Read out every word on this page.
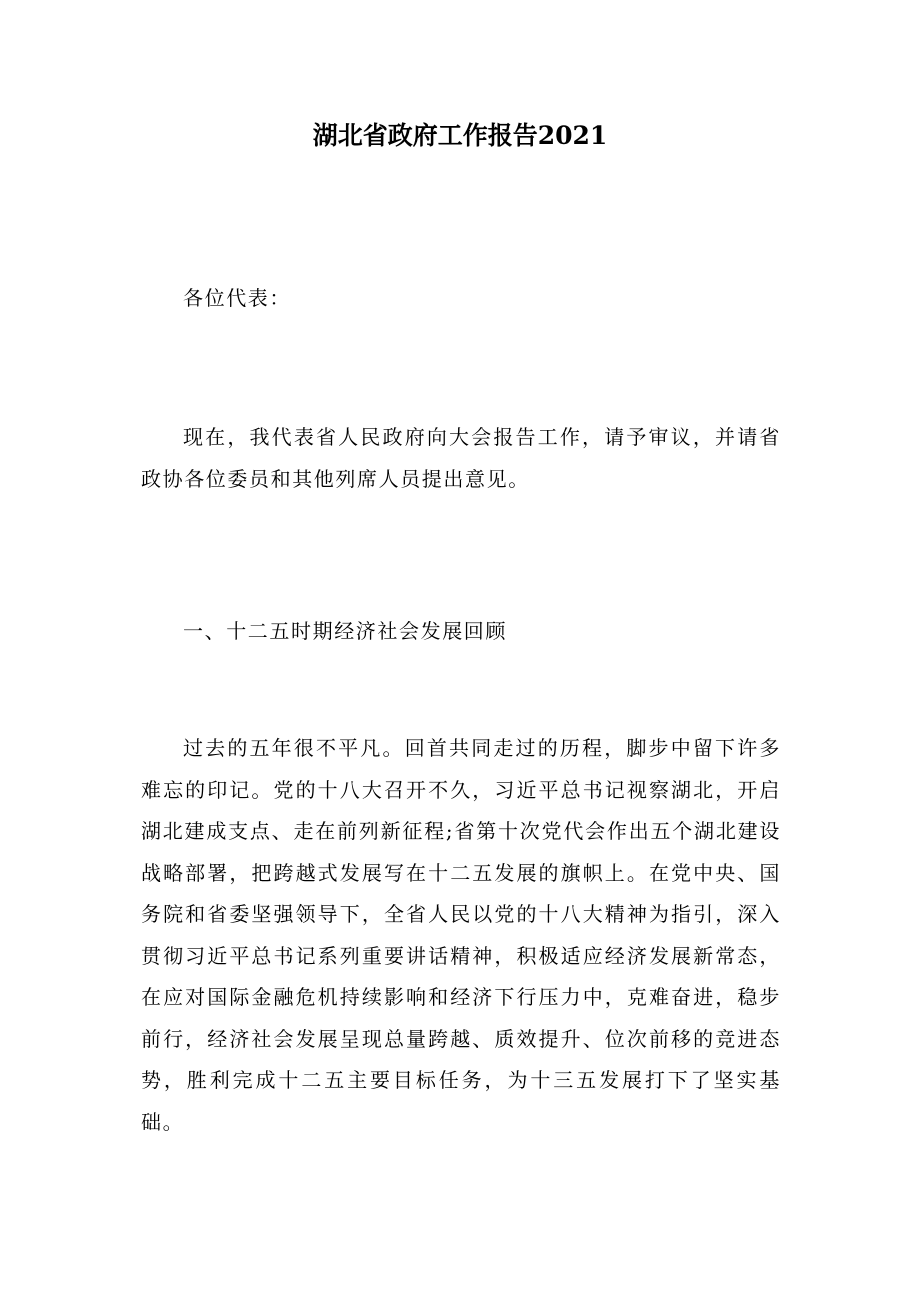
湖北省政府工作报告2021

各位代表：

现在，我代表省人民政府向大会报告工作，请予审议，并请省政协各位委员和其他列席人员提出意见。

一、十二五时期经济社会发展回顾

过去的五年很不平凡。回首共同走过的历程，脚步中留下许多难忘的印记。党的十八大召开不久，习近平总书记视察湖北，开启湖北建成支点、走在前列新征程;省第十次党代会作出五个湖北建设战略部署，把跨越式发展写在十二五发展的旗帜上。在党中央、国务院和省委坚强领导下，全省人民以党的十八大精神为指引，深入贯彻习近平总书记系列重要讲话精神，积极适应经济发展新常态，在应对国际金融危机持续影响和经济下行压力中，克难奋进，稳步前行，经济社会发展呈现总量跨越、质效提升、位次前移的竞进态势，胜利完成十二五主要目标任务，为十三五发展打下了坚实基础。
